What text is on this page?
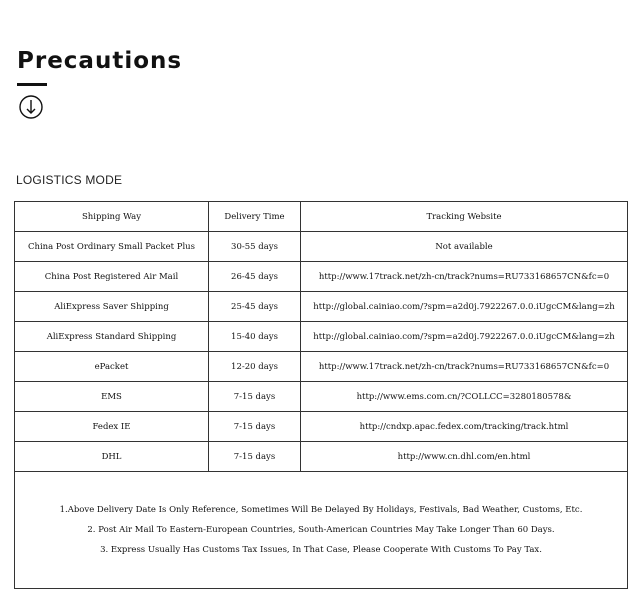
Precautions
LOGISTICS MODE
Shipping Way	Delivery Time	Tracking Website
China Post Ordinary Small Packet Plus	30-55 days	Not available
China Post Registered Air Mail	26-45 days	http://www.17track.net/zh-cn/track?nums=RU733168657CN&fc=0
AliExpress Saver Shipping	25-45 days	http://global.cainiao.com/?spm=a2d0j.7922267.0.0.iUgcCM&lang=zh
AliExpress Standard Shipping	15-40 days	http://global.cainiao.com/?spm=a2d0j.7922267.0.0.iUgcCM&lang=zh
ePacket	12-20 days	http://www.17track.net/zh-cn/track?nums=RU733168657CN&fc=0
EMS	7-15 days	http://www.ems.com.cn/?COLLCC=3280180578&
Fedex IE	7-15 days	http://cndxp.apac.fedex.com/tracking/track.html
DHL	7-15 days	http://www.cn.dhl.com/en.html

1.Above Delivery Date Is Only Reference, Sometimes Will Be Delayed By Holidays, Festivals, Bad Weather, Customs, Etc.
2. Post Air Mail To Eastern-European Countries, South-American Countries May Take Longer Than 60 Days.
3. Express Usually Has Customs Tax Issues, In That Case, Please Cooperate With Customs To Pay Tax.		
